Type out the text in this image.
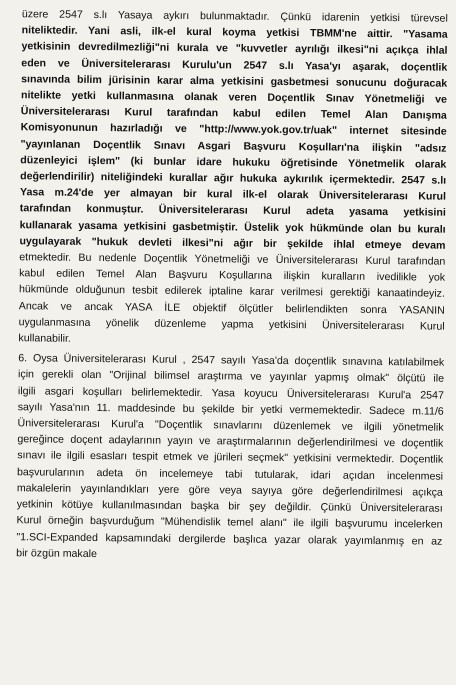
üzere 2547 s.lı Yasaya aykırı bulunmaktadır. Çünkü idarenin yetkisi türevsel
niteliktedir. Yani asli, ilk-el kural koyma yetkisi TBMM'ne aittir. "Yasama
yetkisinin devredilmezliği"ni kurala ve "kuvvetler ayrılığı ilkesi"ni açıkça ihlal
eden ve Üniversitelerarası Kurulu'un 2547 s.lı Yasa'yı aşarak, doçentlik
sınavında bilim jürisinin karar alma yetkisini gasbetmesi sonucunu doğuracak
nitelikte yetki kullanmasına olanak veren Doçentlik Sınav Yönetmeliği ve
Üniversitelerarası Kurul tarafından kabul edilen Temel Alan Danışma
Komisyonunun hazırladığı ve "http://www.yok.gov.tr/uak" internet sitesinde
"yayınlanan Doçentlik Sınavı Asgari Başvuru Koşulları'na ilişkin "adsız
düzenleyici işlem" (ki bunlar idare hukuku öğretisinde Yönetmelik olarak
değerlendirilir) niteliğindeki kurallar ağır hukuka aykırılık içermektedir. 2547 s.lı
Yasa m.24'de yer almayan bir kural ilk-el olarak Üniversitelerarası Kurul
tarafından konmuştur. Üniversitelerarası Kurul adeta yasama yetkisini
kullanarak yasama yetkisini gasbetmiştir. Üstelik yok hükmünde olan bu kuralı
uygulayarak "hukuk devleti ilkesi"ni ağır bir şekilde ihlal etmeye devam
etmektedir. Bu nedenle Doçentlik Yönetmeliği ve Üniversitelerarası Kurul tarafından
kabul edilen Temel Alan Başvuru Koşullarına ilişkin kuralların ivedilikle yok
hükmünde olduğunun tesbit edilerek iptaline karar verilmesi gerektiği kanaatindeyiz.
Ancak ve ancak YASA İLE objektif ölçütler belirlendikten sonra YASANIN
uygulanmasına yönelik düzenleme yapma yetkisini Üniversitelerarası Kurul
kullanabilir.
6. Oysa Üniversitelerarası Kurul , 2547 sayılı Yasa'da doçentlik sınavına katılabilmek
için gerekli olan "Orijinal bilimsel araştırma ve yayınlar yapmış olmak" ölçütü ile
ilgili asgari koşulları belirlemektedir. Yasa koyucu Üniversitelerarası Kurul'a 2547
sayılı Yasa'nın 11. maddesinde bu şekilde bir yetki vermemektedir. Sadece m.11/6
Üniversitelerarası Kurul'a "Doçentlik sınavlarını düzenlemek ve ilgili yönetmelik
gereğince doçent adaylarının yayın ve araştırmalarının değerlendirilmesi ve doçentlik
sınavı ile ilgili esasları tespit etmek ve jürileri seçmek" yetkisini vermektedir. Doçentlik
başvurularının adeta ön incelemeye tabi tutularak, idari açıdan incelenmesi
makalelerin yayınlandıkları yere göre veya sayıya göre değerlendirilmesi açıkça
yetkinin kötüye kullanılmasından başka bir şey değildir. Çünkü Üniversitelerarası
Kurul örneğin başvurduğum "Mühendislik temel alanı" ile ilgili başvurumu incelerken
"1.SCI-Expanded kapsamındaki dergilerde başlıca yazar olarak yayımlanmış en az
bir özgün makale
